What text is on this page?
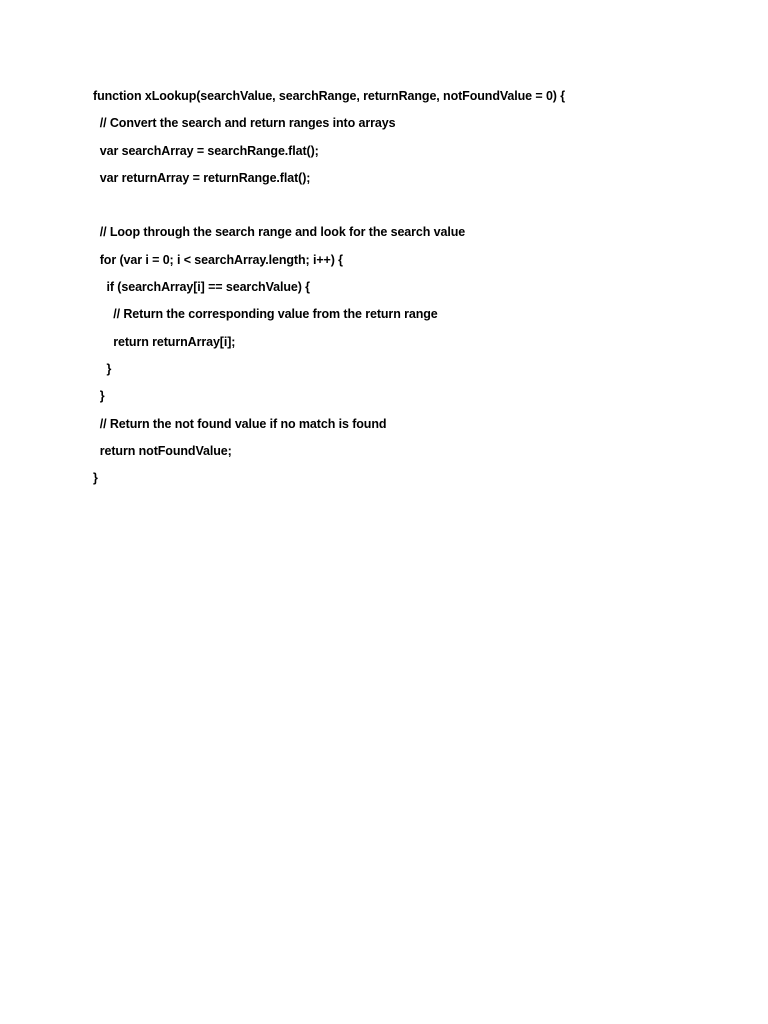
function xLookup(searchValue, searchRange, returnRange, notFoundValue = 0) {
// Convert the search and return ranges into arrays
var searchArray = searchRange.flat();
var returnArray = returnRange.flat();
// Loop through the search range and look for the search value
for (var i = 0; i < searchArray.length; i++) {
if (searchArray[i] == searchValue) {
// Return the corresponding value from the return range
return returnArray[i];
}
}
// Return the not found value if no match is found
return notFoundValue;
}
